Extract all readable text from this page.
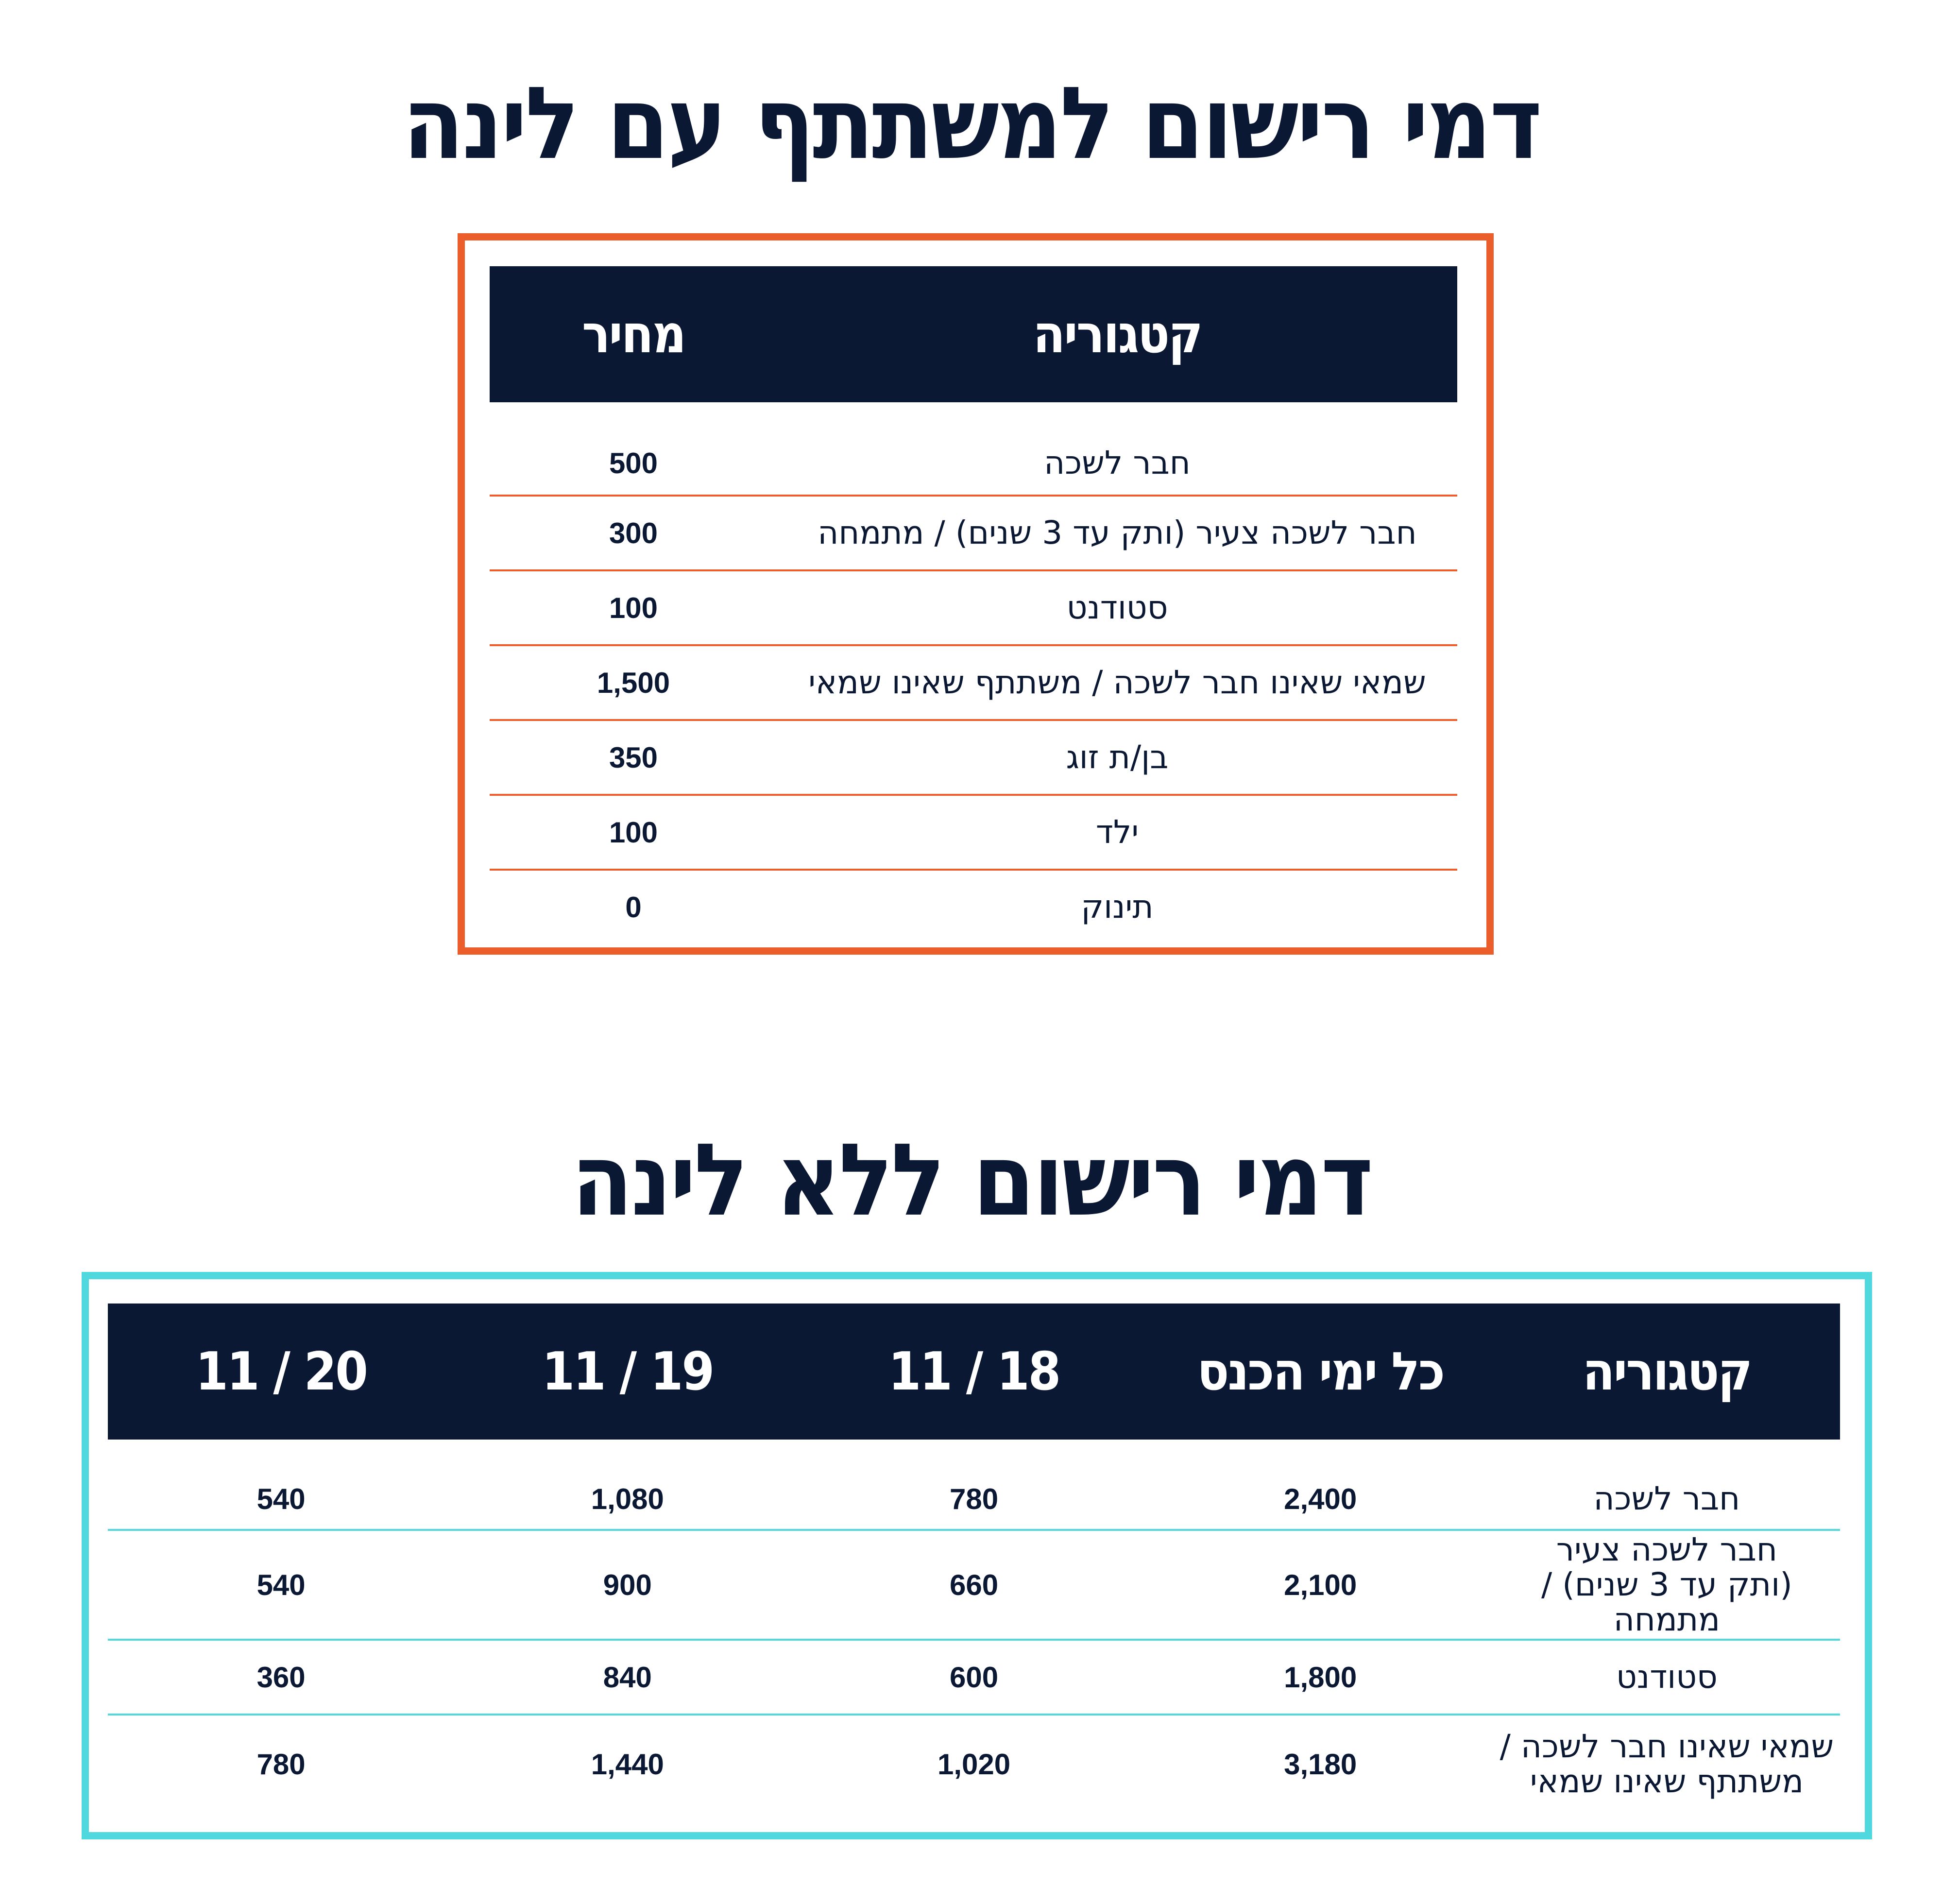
דמי רישום למשתתף עם לינה
קטגוריה	מחיר
חבר לשכה	500
חבר לשכה צעיר (ותק עד 3 שנים) / מתמחה	300
סטודנט	100
שמאי שאינו חבר לשכה / משתתף שאינו שמאי	1,500
בן/ת זוג	350
ילד	100
תינוק	0
דמי רישום ללא לינה
קטגוריה	כל ימי הכנס	18 / 11	19 / 11	20 / 11

חבר לשכה	2,400	780	1,080	540

חבר לשכה צעיר
(ותק עד 3 שנים) / מתמחה	2,100	660	900	540

סטודנט	1,800	600	840	360

שמאי שאינו חבר לשכה /
משתתף שאינו שמאי	3,180	1,020	1,440	780
